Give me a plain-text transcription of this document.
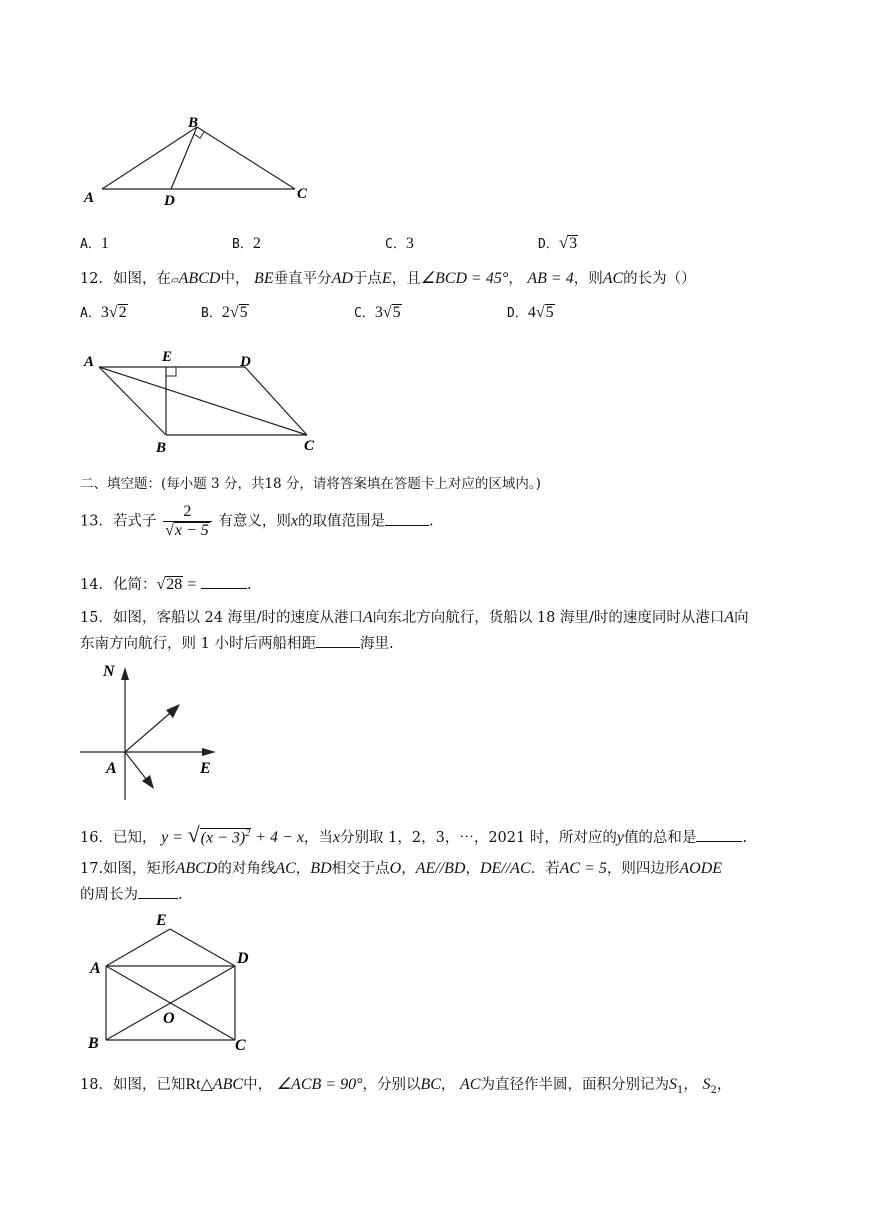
B
A	D	C
A．1	B．2	C．3	D．√3
12．如图，在▱ABCD中， BE垂直平分AD于点E，且∠BCD = 45°， AB = 4，则AC的长为（）
A．3√2	B．2√5	C．3√5	D．4√5
A	E	D
B	C
二、填空题：(每小题 3 分，共18 分，请将答案填在答题卡上对应的区域内。)
13．若式子 $\frac{2}{√x - 5}$ 有意义，则x的取值范围是	.
14．化简：√28 =	.
15．如图，客船以 24 海里/时的速度从港口A向东北方向航行，货船以 18 海里/时的速度同时从港口A向
东南方向航行，则 1 小时后两船相距	海里.
N
A	E
16．已知， $y = √(x - 3)^2 + 4 - x$，当x分别取 1，2，3，⋯，2021 时，所对应的y值的总和是	.
17.如图，矩形ABCD的对角线AC，BD相交于点O，AE//BD，DE//AC．若AC = 5，则四边形AODE
的周长为	.
E
A
D
O
B	C
18．如图，已知Rt△ABC中， ∠ACB = 90°，分别以BC， AC为直径作半圆，面积分别记为$S_1$， $S_2$，
